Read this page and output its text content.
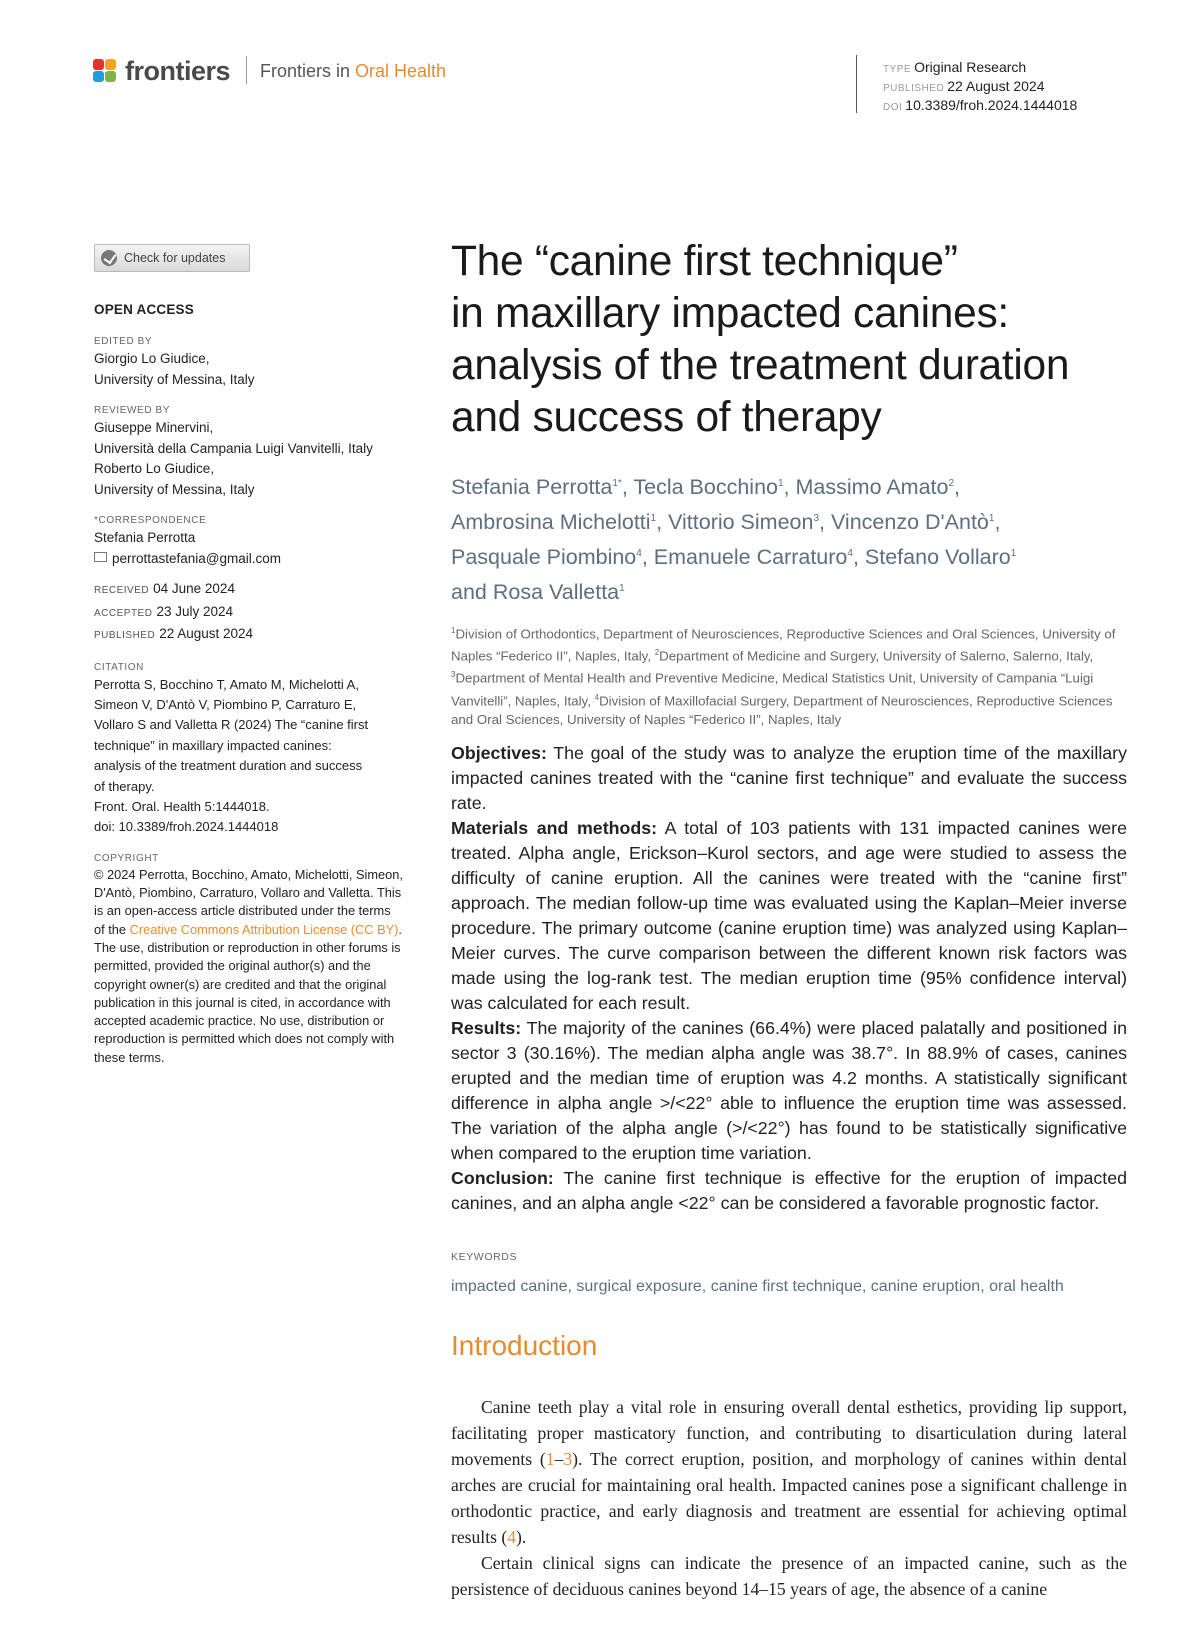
frontiers Frontiers in Oral Health	TYPE Original Research
PUBLISHED 22 August 2024
DOI 10.3389/froh.2024.1444018
Check for updates
OPEN ACCESS
EDITED BY
Giorgio Lo Giudice,
University of Messina, Italy
REVIEWED BY
Giuseppe Minervini,
Università della Campania Luigi Vanvitelli, Italy
Roberto Lo Giudice,
University of Messina, Italy
*CORRESPONDENCE
Stefania Perrotta
perrottastefania@gmail.com
RECEIVED 04 June 2024
ACCEPTED 23 July 2024
PUBLISHED 22 August 2024
CITATION
Perrotta S, Bocchino T, Amato M, Michelotti A,
Simeon V, D'Antò V, Piombino P, Carraturo E,
Vollaro S and Valletta R (2024) The “canine first
technique” in maxillary impacted canines:
analysis of the treatment duration and success
of therapy.
Front. Oral. Health 5:1444018.
doi: 10.3389/froh.2024.1444018
COPYRIGHT
© 2024 Perrotta, Bocchino, Amato, Michelotti, Simeon, D'Antò, Piombino, Carraturo, Vollaro and Valletta. This is an open-access article distributed under the terms of the Creative Commons Attribution License (CC BY). The use, distribution or reproduction in other forums is permitted, provided the original author(s) and the copyright owner(s) are credited and that the original publication in this journal is cited, in accordance with accepted academic practice. No use, distribution or reproduction is permitted which does not comply with these terms.
The “canine first technique”
in maxillary impacted canines:
analysis of the treatment duration
and success of therapy
Stefania Perrotta$^{1*}$, Tecla Bocchino$^1$, Massimo Amato$^2$,
Ambrosina Michelotti$^1$, Vittorio Simeon$^3$, Vincenzo D'Antò$^1$,
Pasquale Piombino$^4$, Emanuele Carraturo$^4$, Stefano Vollaro$^1$
and Rosa Valletta$^1$
$^1$Division of Orthodontics, Department of Neurosciences, Reproductive Sciences and Oral Sciences, University of Naples “Federico II”, Naples, Italy, $^2$Department of Medicine and Surgery, University of Salerno, Salerno, Italy, $^3$Department of Mental Health and Preventive Medicine, Medical Statistics Unit, University of Campania “Luigi Vanvitelli”, Naples, Italy, $^4$Division of Maxillofacial Surgery, Department of Neurosciences, Reproductive Sciences and Oral Sciences, University of Naples “Federico II”, Naples, Italy

Objectives: The goal of the study was to analyze the eruption time of the maxillary impacted canines treated with the “canine first technique” and evaluate the success rate.

Materials and methods: A total of 103 patients with 131 impacted canines were treated. Alpha angle, Erickson–Kurol sectors, and age were studied to assess the difficulty of canine eruption. All the canines were treated with the “canine first” approach. The median follow-up time was evaluated using the Kaplan–Meier inverse procedure. The primary outcome (canine eruption time) was analyzed using Kaplan–Meier curves. The curve comparison between the different known risk factors was made using the log-rank test. The median eruption time (95% confidence interval) was calculated for each result.

Results: The majority of the canines (66.4%) were placed palatally and positioned in sector 3 (30.16%). The median alpha angle was 38.7°. In 88.9% of cases, canines erupted and the median time of eruption was 4.2 months. A statistically significant difference in alpha angle >/<22° able to influence the eruption time was assessed. The variation of the alpha angle (>/<22°) has found to be statistically significative when compared to the eruption time variation.

Conclusion: The canine first technique is effective for the eruption of impacted canines, and an alpha angle <22° can be considered a favorable prognostic factor.

KEYWORDS
impacted canine, surgical exposure, canine first technique, canine eruption, oral health
Introduction

Canine teeth play a vital role in ensuring overall dental esthetics, providing lip support, facilitating proper masticatory function, and contributing to disarticulation during lateral movements (1–3). The correct eruption, position, and morphology of canines within dental arches are crucial for maintaining oral health. Impacted canines pose a significant challenge in orthodontic practice, and early diagnosis and treatment are essential for achieving optimal results (4).

Certain clinical signs can indicate the presence of an impacted canine, such as the persistence of deciduous canines beyond 14–15 years of age, the absence of a canine
